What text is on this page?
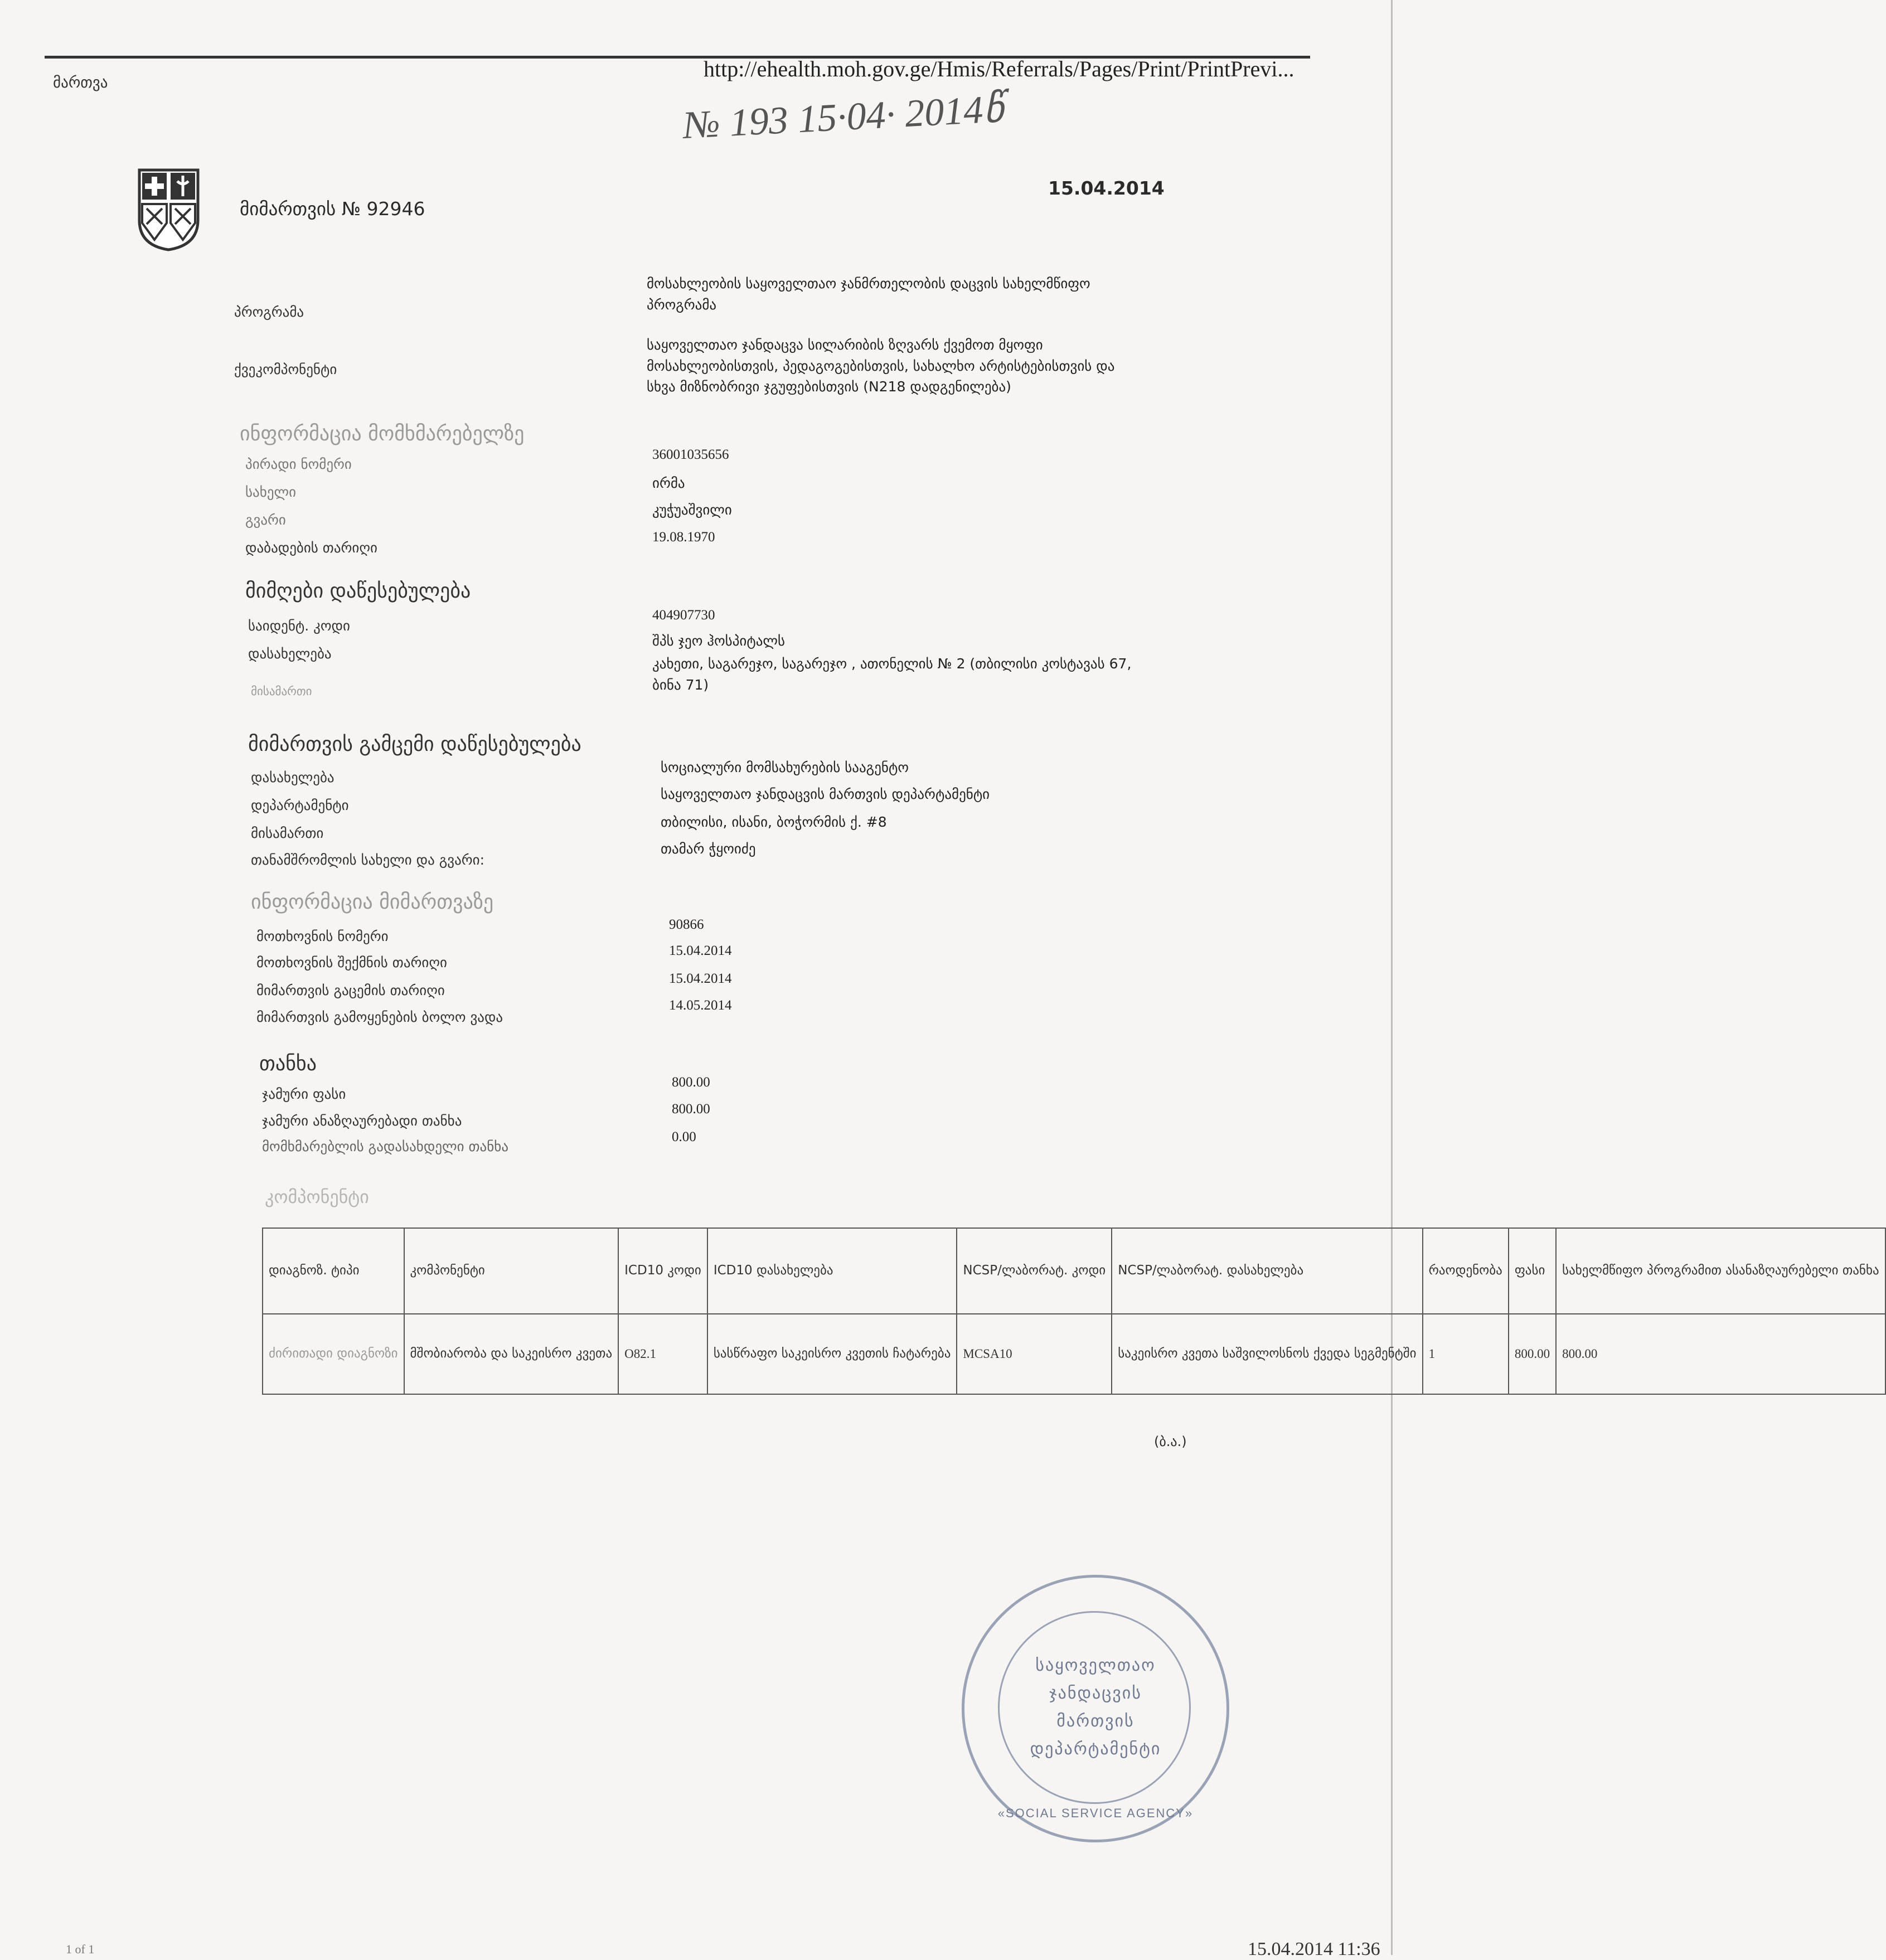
მართვა
http://ehealth.moh.gov.ge/Hmis/Referrals/Pages/Print/PrintPrevi...
№ 193 15·04· 2014წ
მიმართვის № 92946
15.04.2014
პროგრამა
მოსახლეობის საყოველთაო ჯანმრთელობის დაცვის სახელმწიფო პროგრამა
ქვეკომპონენტი
საყოველთაო ჯანდაცვა სილარიბის ზღვარს ქვემოთ მყოფი მოსახლეობისთვის, პედაგოგებისთვის, სახალხო არტისტებისთვის და სხვა მიზნობრივი ჯგუფებისთვის (N218 დადგენილება)
ინფორმაცია მომხმარებელზე
პირადი ნომერი
36001035656
სახელი
ირმა
გვარი
კუჭუაშვილი
დაბადების თარიღი
19.08.1970
მიმღები დაწესებულება
საიდენტ. კოდი
404907730
დასახელება
შპს ჯეო ჰოსპიტალს
მისამართი
კახეთი, საგარეჯო, საგარეჯო , ათონელის № 2 (თბილისი კოსტავას 67, ბინა 71)
მიმართვის გამცემი დაწესებულება
დასახელება
სოციალური მომსახურების სააგენტო
დეპარტამენტი
საყოველთაო ჯანდაცვის მართვის დეპარტამენტი
მისამართი
თბილისი, ისანი, ბოჭორმის ქ. #8
თანამშრომლის სახელი და გვარი:
თამარ ჭყოიძე
ინფორმაცია მიმართვაზე
მოთხოვნის ნომერი
90866
მოთხოვნის შექმნის თარიღი
15.04.2014
მიმართვის გაცემის თარიღი
15.04.2014
მიმართვის გამოყენების ბოლო ვადა
14.05.2014
თანხა
ჯამური ფასი
800.00
ჯამური ანაზღაურებადი თანხა
800.00
მომხმარებლის გადასახდელი თანხა
0.00
კომპონენტი
დიაგნოზ. ტიპი	კომპონენტი	ICD10 კოდი	ICD10 დასახელება	NCSP/ლაბორატ. კოდი	NCSP/ლაბორატ. დასახელება	რაოდენობა	ფასი	სახელმწიფო პროგრამით ასანაზღაურებელი თანხა
ძირითადი დიაგნოზი	მშობიარობა და საკეისრო კვეთა	O82.1	სასწრაფო საკეისრო კვეთის ჩატარება	MCSA10	საკეისრო კვეთა საშვილოსნოს ქვედა სეგმენტში	1	800.00	800.00
(ბ.ა.)
საყოველთაო
ჯანდაცვის
მართვის
დეპარტამენტი
«SOCIAL SERVICE AGENCY»
15.04.2014 11:36
1 of 1
